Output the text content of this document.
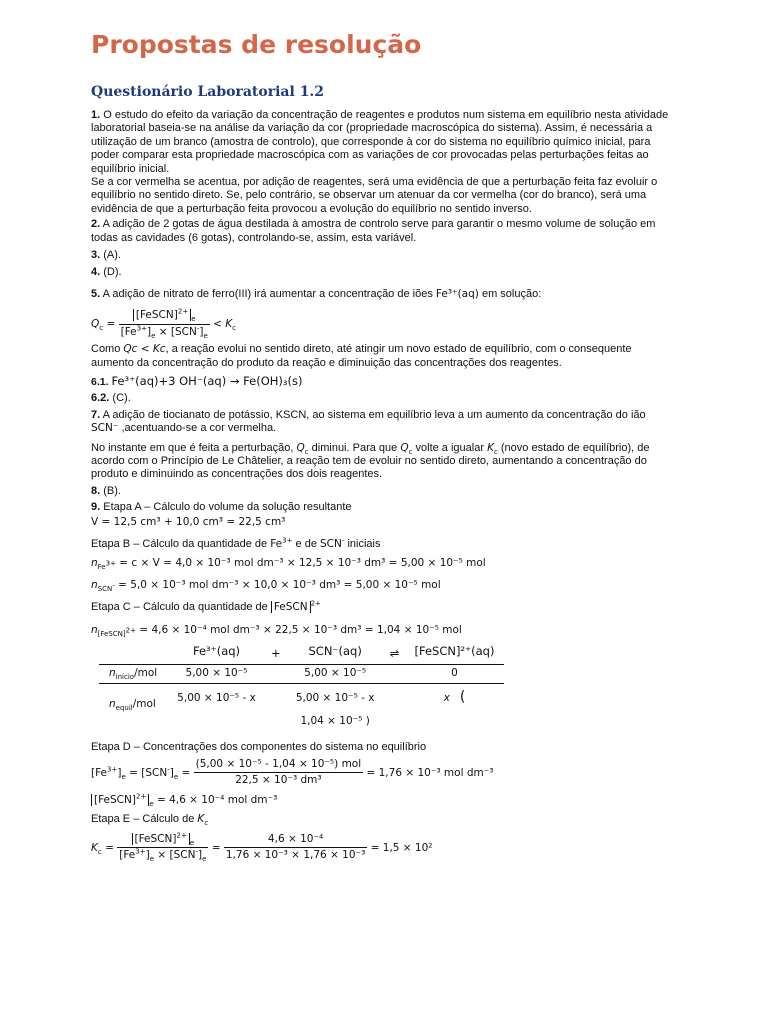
Propostas de resolução
Questionário Laboratorial 1.2

1. O estudo do efeito da variação da concentração de reagentes e produtos num sistema em equilíbrio nesta atividade laboratorial baseia-se na análise da variação da cor (propriedade macroscópica do sistema). Assim, é necessária a utilização de um branco (amostra de controlo), que corresponde à cor do sistema no equilíbrio químico inicial, para poder comparar esta propriedade macroscópica com as variações de cor provocadas pelas perturbações feitas ao equilíbrio inicial.

Se a cor vermelha se acentua, por adição de reagentes, será uma evidência de que a perturbação feita faz evoluir o equilíbrio no sentido direto. Se, pelo contrário, se observar um atenuar da cor vermelha (cor do branco), será uma evidência de que a perturbação feita provocou a evolução do equilíbrio no sentido inverso.

2. A adição de 2 gotas de água destilada à amostra de controlo serve para garantir o mesmo volume de solução em todas as cavidades (6 gotas), controlando-se, assim, esta variável.

3. (A).

4. (D).

5. A adição de nitrato de ferro(III) irá aumentar a concentração de iões Fe³⁺(aq) em solução:

$Q_c = \frac{[FeSCN]^{2+}_e}{[Fe^{3+}]_e \times [SCN^-]_e} < K_c$

Como Qc < Kc, a reação evolui no sentido direto, até atingir um novo estado de equilíbrio, com o consequente aumento da concentração do produto da reação e diminuição das concentrações dos reagentes.

6.1. Fe³⁺(aq)+3 OH⁻(aq) → Fe(OH)₃(s)

6.2. (C).

7. A adição de tiocianato de potássio, KSCN, ao sistema em equilíbrio leva a um aumento da concentração do ião SCN⁻ ,acentuando-se a cor vermelha.

No instante em que é feita a perturbação, $Q_c$ diminui. Para que $Q_c$ volte a igualar $K_c$ (novo estado de equilíbrio), de acordo com o Princípio de Le Châtelier, a reação tem de evoluir no sentido direto, aumentando a concentração do produto e diminuindo as concentrações dos dois reagentes.

8. (B).

9. Etapa A – Cálculo do volume da solução resultante

V = 12,5 cm³ + 10,0 cm³ = 22,5 cm³

Etapa B – Cálculo da quantidade de $Fe^{3+}$ e de SCN- iniciais

$n_{Fe^{3+}} = c \times V = 4,0 \times 10^{-3}$ mol dm⁻³ × 12,5 × 10⁻³ dm³ = 5,00 × 10⁻⁵ mol
$n_{SCN^-} = 5,0 \times 10^{-3}$ mol dm⁻³ × 10,0 × 10⁻³ dm³ = 5,00 × 10⁻⁵ mol

Etapa C – Cálculo da quantidade de FeSCN $^{2+}$

$n_{[FeSCN]^{2+}} = 4,6 \times 10^{-4}$ mol dm⁻³ × 22,5 × 10⁻³ dm³ = 1,04 × 10⁻⁵ mol
	Fe³⁺(aq)	+	SCN⁻(aq)	⇌	[FeSCN]²⁺(aq)
$n_{início}$/mol	5,00 × 10⁻⁵		5,00 × 10⁻⁵		0
$n_{equil}$/mol	5,00 × 10⁻⁵ - x		5,00 × 10⁻⁵ - x		x (
			1,04 × 10⁻⁵ )		

Etapa D – Concentrações dos componentes do sistema no equilíbrio

$[Fe^{3+}]_e = [SCN^-]_e = \frac{\text{(5,00 × 10⁻⁵ - 1,04 × 10⁻⁵) mol}}{\text{22,5 × 10⁻³ dm³}} = 1,76 \times 10^{-3}$ mol dm⁻³
[FeSCN]$^{2+}_e$ = 4,6 × 10⁻⁴ mol dm⁻³

Etapa E – Cálculo de $K_c$

$K_c = \frac{[FeSCN]^{2+}_e}{[Fe^{3+}]_e \times [SCN^-]_e} = \frac{\text{4,6 × 10⁻⁴}}{\text{1,76 × 10⁻³ × 1,76 × 10⁻³}} = 1,5 \times 10^2$
